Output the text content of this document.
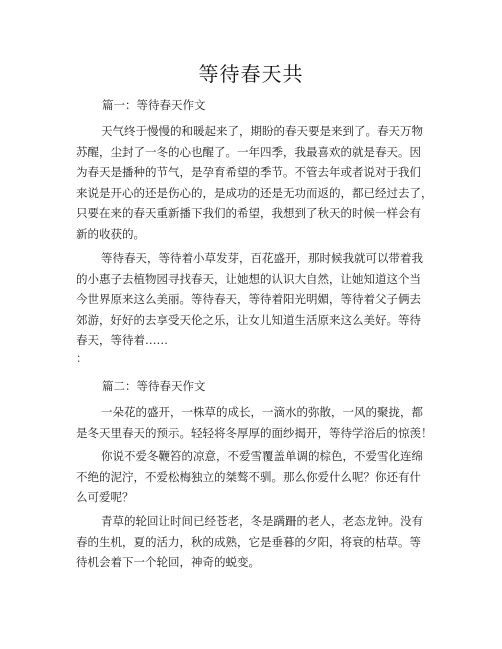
等待春天共
篇一：等待春天作文
天气终于慢慢的和暖起来了，期盼的春天要是来到了。春天万物
苏醒，尘封了一冬的心也醒了。一年四季，我最喜欢的就是春天。因
为春天是播种的节气，是孕育希望的季节。不管去年或者说对于我们
来说是开心的还是伤心的，是成功的还是无功而返的，都已经过去了，
只要在来的春天重新播下我们的希望，我想到了秋天的时候一样会有
新的收获的。
等待春天，等待着小草发芽，百花盛开，那时候我就可以带着我
的小惠子去植物园寻找春天，让她想的认识大自然，让她知道这个当
今世界原来这么美丽。等待春天，等待着阳光明媚，等待着父子俩去
郊游，好好的去享受天伦之乐，让女儿知道生活原来这么美好。等待
春天，等待着……
：
篇二：等待春天作文
一朵花的盛开，一株草的成长，一滴水的弥散，一风的聚拢，都
是冬天里春天的预示。轻轻将冬厚厚的面纱揭开，等待学浴后的惊羡！
你说不爱冬鞭笞的凉意，不爱雪覆盖单调的棕色，不爱雪化连绵
不绝的泥泞，不爱松梅独立的桀骜不驯。那么你爱什么呢？你还有什
么可爱呢？
青草的轮回让时间已经苍老，冬是蹒跚的老人，老态龙钟。没有
春的生机，夏的活力，秋的成熟，它是垂暮的夕阳，将衰的枯草。等
待机会着下一个轮回，神奇的蜕变。
